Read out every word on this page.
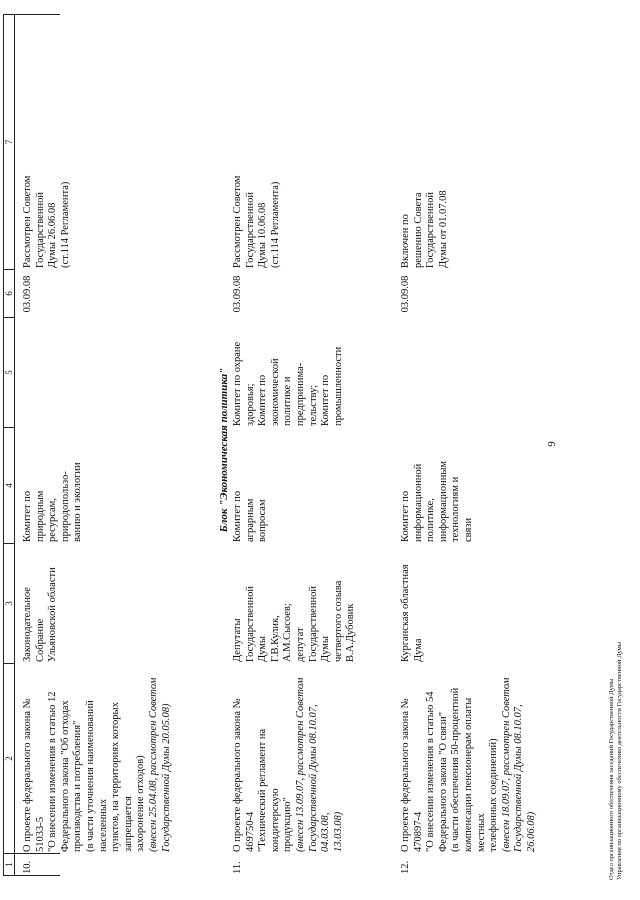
9
1
2
3
4
5
6
7
10.
О проекте федерального закона № 51033-5 "О внесении изменения в статью 12 Федерального закона "Об отходах производства и потребления" (в части уточнения наименований населенных пунктов, на территориях которых запрещается захоронение отходов) (внесен 25.04.08, рассмотрен Советом Государственной Думы 20.05.08)
Законодательное Собрание Ульяновской области
Комитет по природным ресурсам, природопользо- ванию и экологии
03.09.08
Рассмотрен Советом Государственной Думы 26.06.08 (ст.114 Регламента)
Блок "Экономическая политика"
11.
О проекте федерального закона № 469750-4 "Технический регламент на кондитерскую продукцию" (внесен 13.09.07, рассмотрен Советом Государственной Думы 08.10.07, 04.03.08, 13.03.08)
Депутаты Государственной Думы Г.В.Кулик, А.М.Сысоев; депутат Государственной Думы четвертого созыва В.А.Дубовик
Комитет по аграрным вопросам
Комитет по охране здоровья; Комитет по экономической политике и предпринима- тельству; Комитет по промышленности
03.09.08
Рассмотрен Советом Государственной Думы 10.06.08 (ст.114 Регламента)
12.
О проекте федерального закона № 470897-4 "О внесении изменения в статью 54 Федерального закона "О связи" (в части обеспечения 50-процентной компенсации пенсионерам оплаты местных телефонных соединений) (внесен 18.09.07, рассмотрен Советом Государственной Думы 08.10.07, 26.06.08)
Курганская областная Дума
Комитет по информационной политике, информационным технологиям и связи
03.09.08
Включен по решению Совета Государственной Думы от 01.07.08
Отдел организационного обеспечения заседаний Государственной Думы Управления по организационному обеспечению деятельности Государственной Думы
